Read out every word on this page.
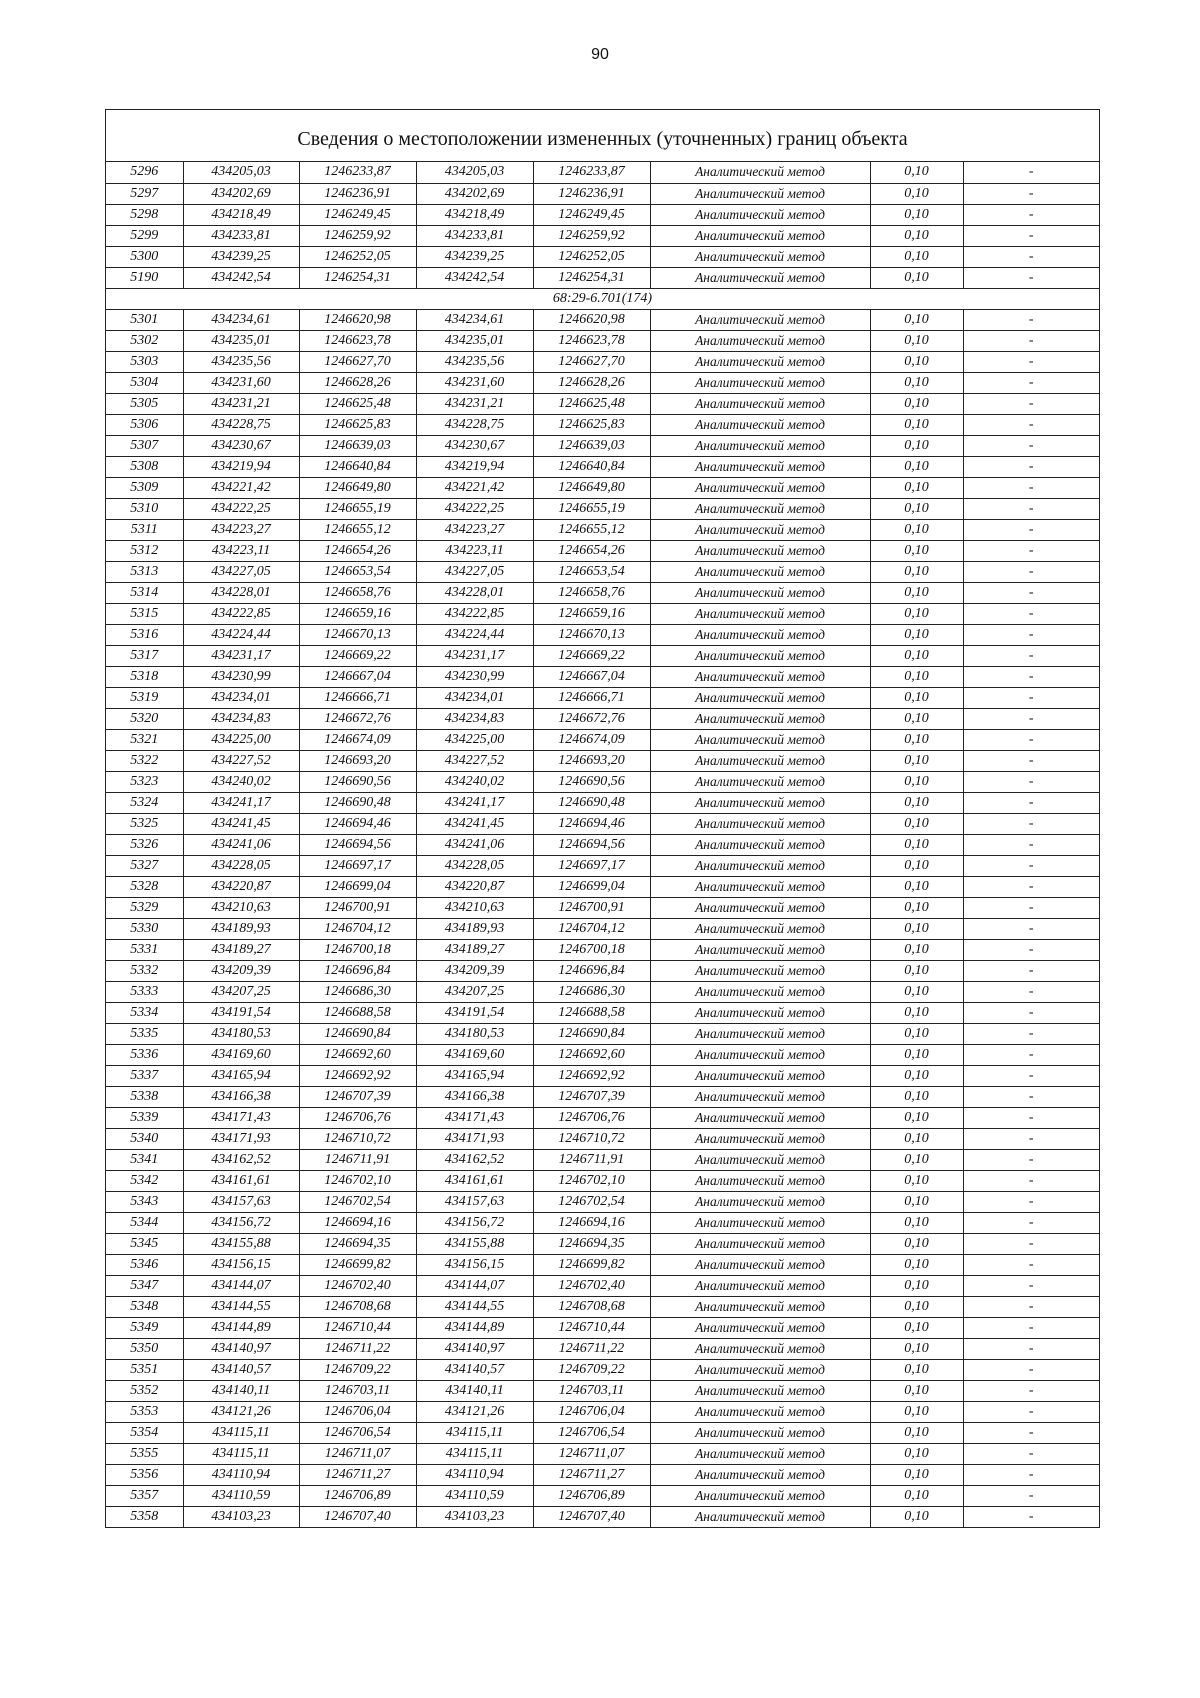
90
Сведения о местоположении измененных (уточненных) границ объекта
5296	434205,03	1246233,87	434205,03	1246233,87	Аналитический метод	0,10	-
5297	434202,69	1246236,91	434202,69	1246236,91	Аналитический метод	0,10	-
5298	434218,49	1246249,45	434218,49	1246249,45	Аналитический метод	0,10	-
5299	434233,81	1246259,92	434233,81	1246259,92	Аналитический метод	0,10	-
5300	434239,25	1246252,05	434239,25	1246252,05	Аналитический метод	0,10	-
5190	434242,54	1246254,31	434242,54	1246254,31	Аналитический метод	0,10	-
68:29-6.701(174)							
5301	434234,61	1246620,98	434234,61	1246620,98	Аналитический метод	0,10	-
5302	434235,01	1246623,78	434235,01	1246623,78	Аналитический метод	0,10	-
5303	434235,56	1246627,70	434235,56	1246627,70	Аналитический метод	0,10	-
5304	434231,60	1246628,26	434231,60	1246628,26	Аналитический метод	0,10	-
5305	434231,21	1246625,48	434231,21	1246625,48	Аналитический метод	0,10	-
5306	434228,75	1246625,83	434228,75	1246625,83	Аналитический метод	0,10	-
5307	434230,67	1246639,03	434230,67	1246639,03	Аналитический метод	0,10	-
5308	434219,94	1246640,84	434219,94	1246640,84	Аналитический метод	0,10	-
5309	434221,42	1246649,80	434221,42	1246649,80	Аналитический метод	0,10	-
5310	434222,25	1246655,19	434222,25	1246655,19	Аналитический метод	0,10	-
5311	434223,27	1246655,12	434223,27	1246655,12	Аналитический метод	0,10	-
5312	434223,11	1246654,26	434223,11	1246654,26	Аналитический метод	0,10	-
5313	434227,05	1246653,54	434227,05	1246653,54	Аналитический метод	0,10	-
5314	434228,01	1246658,76	434228,01	1246658,76	Аналитический метод	0,10	-
5315	434222,85	1246659,16	434222,85	1246659,16	Аналитический метод	0,10	-
5316	434224,44	1246670,13	434224,44	1246670,13	Аналитический метод	0,10	-
5317	434231,17	1246669,22	434231,17	1246669,22	Аналитический метод	0,10	-
5318	434230,99	1246667,04	434230,99	1246667,04	Аналитический метод	0,10	-
5319	434234,01	1246666,71	434234,01	1246666,71	Аналитический метод	0,10	-
5320	434234,83	1246672,76	434234,83	1246672,76	Аналитический метод	0,10	-
5321	434225,00	1246674,09	434225,00	1246674,09	Аналитический метод	0,10	-
5322	434227,52	1246693,20	434227,52	1246693,20	Аналитический метод	0,10	-
5323	434240,02	1246690,56	434240,02	1246690,56	Аналитический метод	0,10	-
5324	434241,17	1246690,48	434241,17	1246690,48	Аналитический метод	0,10	-
5325	434241,45	1246694,46	434241,45	1246694,46	Аналитический метод	0,10	-
5326	434241,06	1246694,56	434241,06	1246694,56	Аналитический метод	0,10	-
5327	434228,05	1246697,17	434228,05	1246697,17	Аналитический метод	0,10	-
5328	434220,87	1246699,04	434220,87	1246699,04	Аналитический метод	0,10	-
5329	434210,63	1246700,91	434210,63	1246700,91	Аналитический метод	0,10	-
5330	434189,93	1246704,12	434189,93	1246704,12	Аналитический метод	0,10	-
5331	434189,27	1246700,18	434189,27	1246700,18	Аналитический метод	0,10	-
5332	434209,39	1246696,84	434209,39	1246696,84	Аналитический метод	0,10	-
5333	434207,25	1246686,30	434207,25	1246686,30	Аналитический метод	0,10	-
5334	434191,54	1246688,58	434191,54	1246688,58	Аналитический метод	0,10	-
5335	434180,53	1246690,84	434180,53	1246690,84	Аналитический метод	0,10	-
5336	434169,60	1246692,60	434169,60	1246692,60	Аналитический метод	0,10	-
5337	434165,94	1246692,92	434165,94	1246692,92	Аналитический метод	0,10	-
5338	434166,38	1246707,39	434166,38	1246707,39	Аналитический метод	0,10	-
5339	434171,43	1246706,76	434171,43	1246706,76	Аналитический метод	0,10	-
5340	434171,93	1246710,72	434171,93	1246710,72	Аналитический метод	0,10	-
5341	434162,52	1246711,91	434162,52	1246711,91	Аналитический метод	0,10	-
5342	434161,61	1246702,10	434161,61	1246702,10	Аналитический метод	0,10	-
5343	434157,63	1246702,54	434157,63	1246702,54	Аналитический метод	0,10	-
5344	434156,72	1246694,16	434156,72	1246694,16	Аналитический метод	0,10	-
5345	434155,88	1246694,35	434155,88	1246694,35	Аналитический метод	0,10	-
5346	434156,15	1246699,82	434156,15	1246699,82	Аналитический метод	0,10	-
5347	434144,07	1246702,40	434144,07	1246702,40	Аналитический метод	0,10	-
5348	434144,55	1246708,68	434144,55	1246708,68	Аналитический метод	0,10	-
5349	434144,89	1246710,44	434144,89	1246710,44	Аналитический метод	0,10	-
5350	434140,97	1246711,22	434140,97	1246711,22	Аналитический метод	0,10	-
5351	434140,57	1246709,22	434140,57	1246709,22	Аналитический метод	0,10	-
5352	434140,11	1246703,11	434140,11	1246703,11	Аналитический метод	0,10	-
5353	434121,26	1246706,04	434121,26	1246706,04	Аналитический метод	0,10	-
5354	434115,11	1246706,54	434115,11	1246706,54	Аналитический метод	0,10	-
5355	434115,11	1246711,07	434115,11	1246711,07	Аналитический метод	0,10	-
5356	434110,94	1246711,27	434110,94	1246711,27	Аналитический метод	0,10	-
5357	434110,59	1246706,89	434110,59	1246706,89	Аналитический метод	0,10	-
5358	434103,23	1246707,40	434103,23	1246707,40	Аналитический метод	0,10	-
